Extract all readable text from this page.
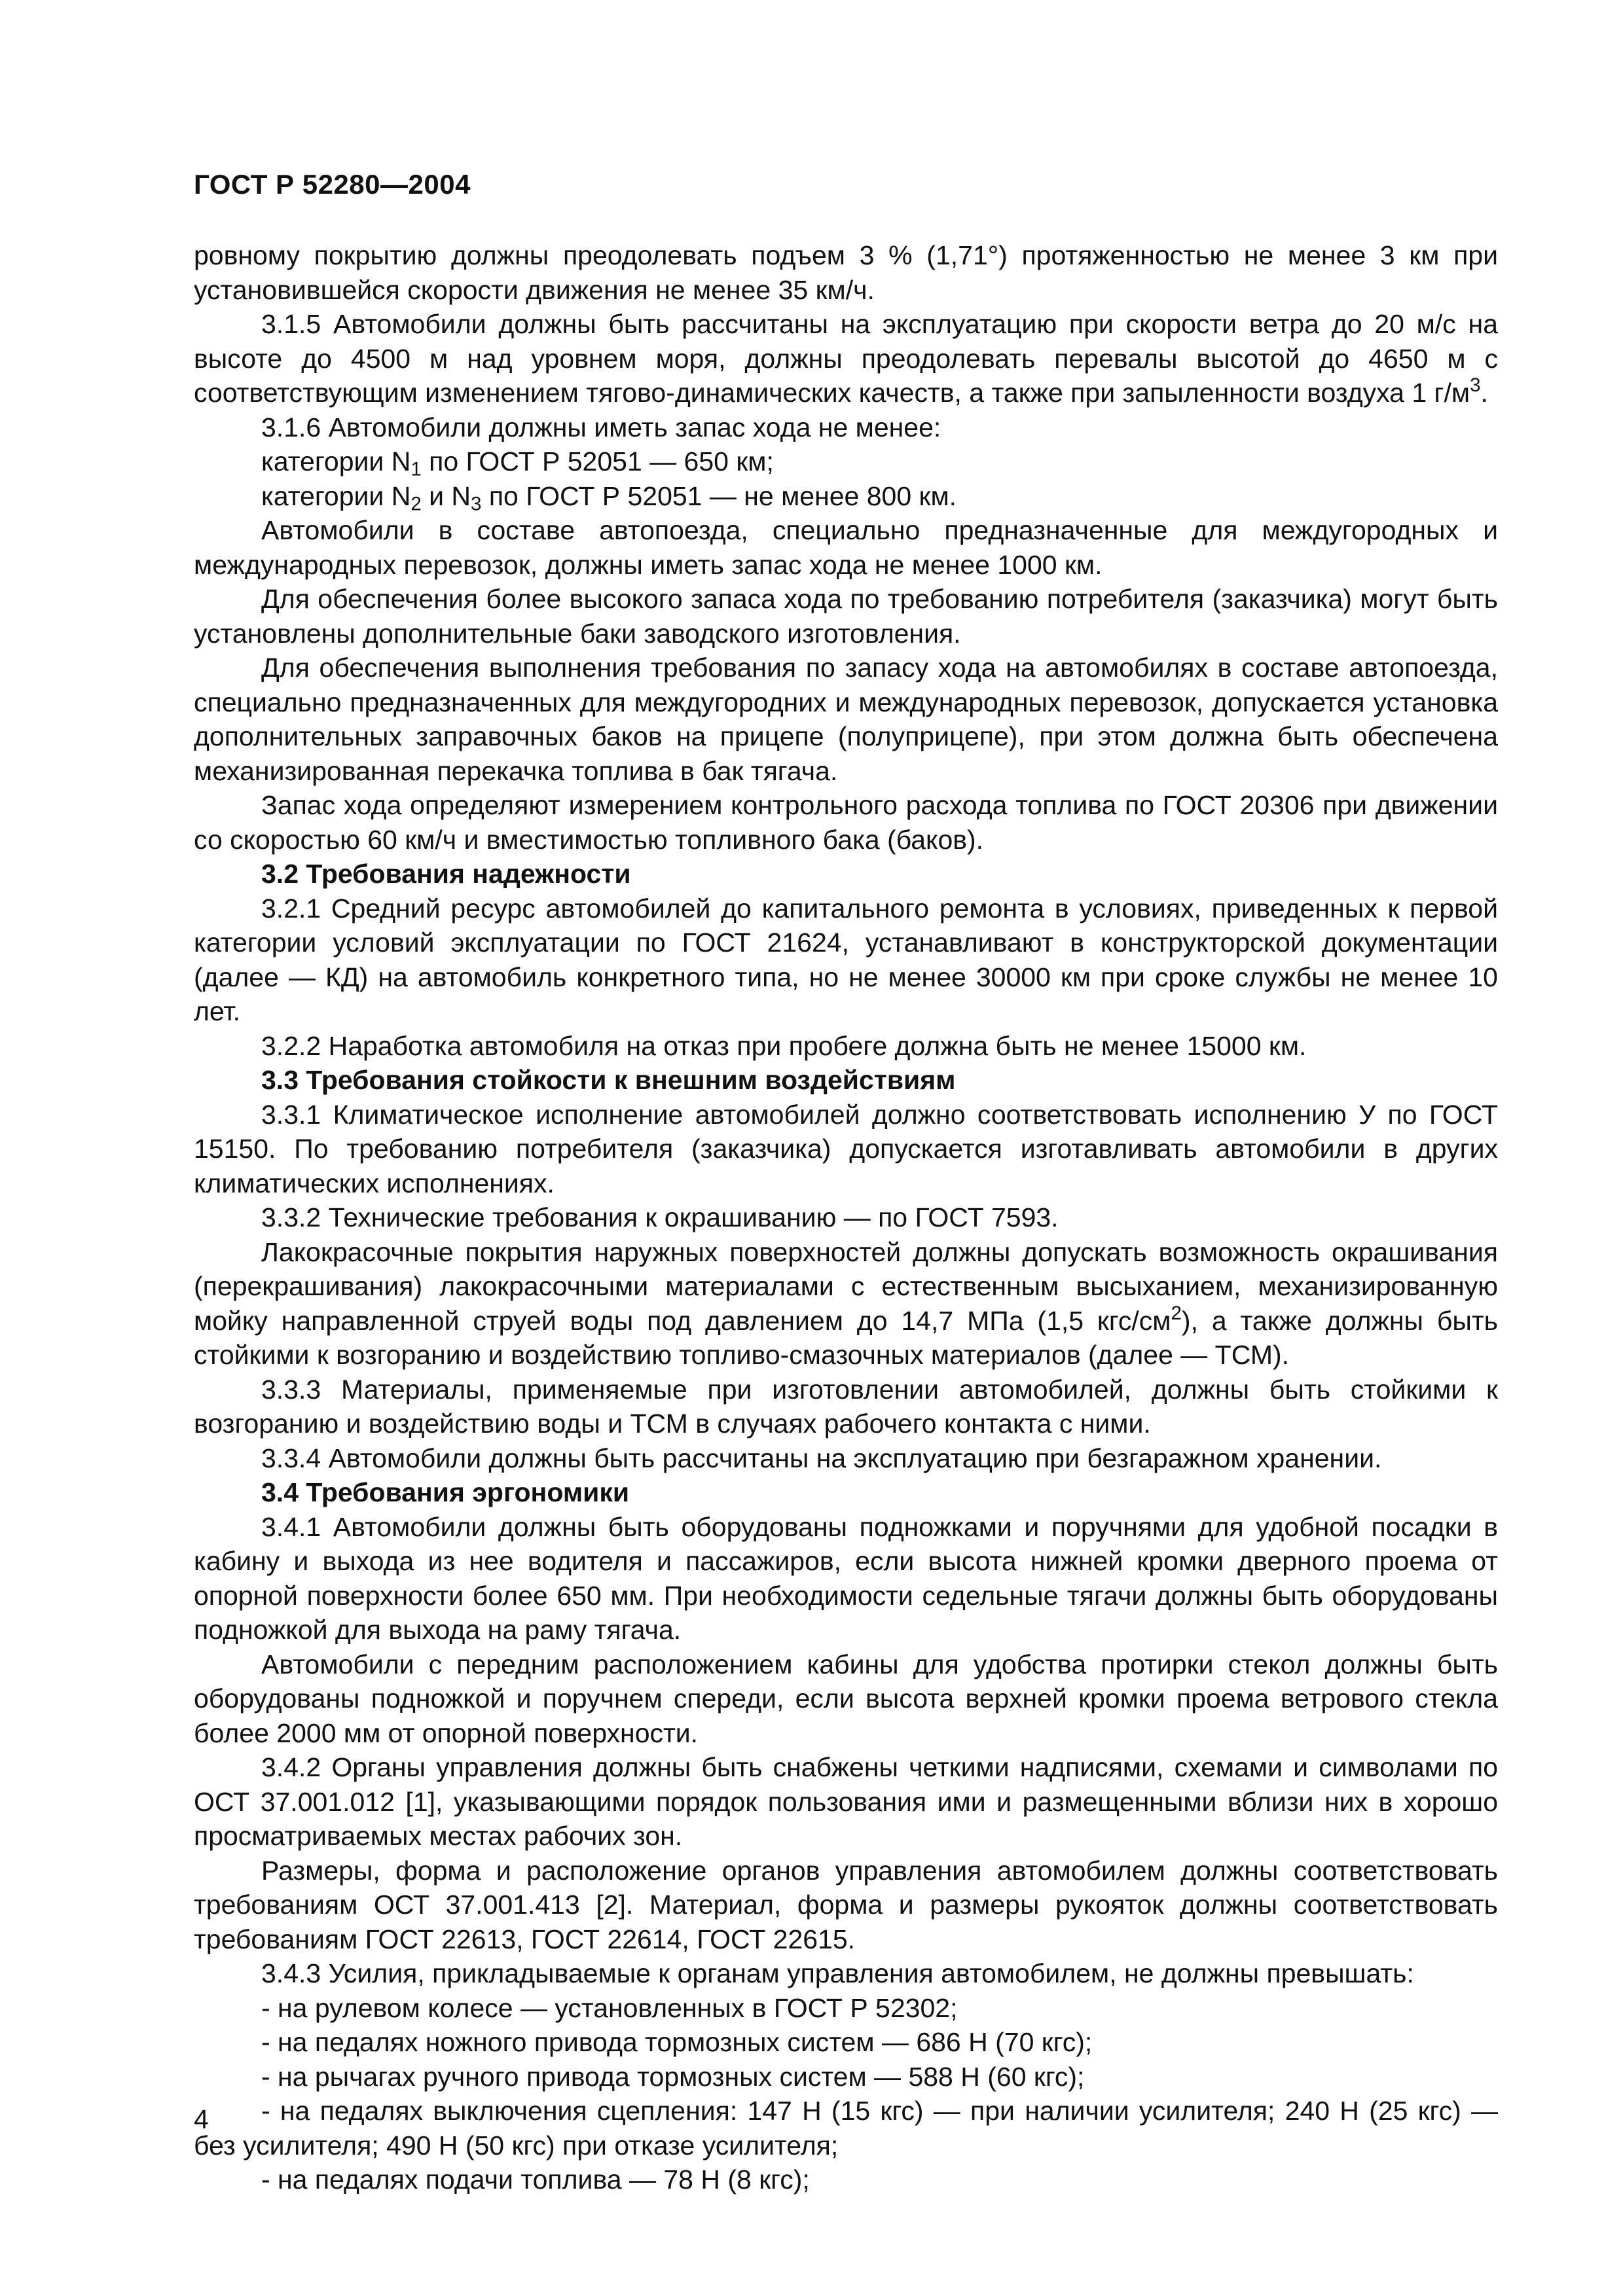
ГОСТ Р 52280—2004

ровному покрытию должны преодолевать подъем 3 % (1,71°) протяженностью не менее 3 км при установившейся скорости движения не менее 35 км/ч.

3.1.5 Автомобили должны быть рассчитаны на эксплуатацию при скорости ветра до 20 м/с на высоте до 4500 м над уровнем моря, должны преодолевать перевалы высотой до 4650 м с соответствующим изменением тягово-динамических качеств, а также при запыленности воздуха 1 $г/м^3$.

3.1.6 Автомобили должны иметь запас хода не менее:

категории $N_1$ по ГОСТ Р 52051 — 650 км;

категории $N_2$ и $N_3$ по ГОСТ Р 52051 — не менее 800 км.

Автомобили в составе автопоезда, специально предназначенные для междугородных и международных перевозок, должны иметь запас хода не менее 1000 км.

Для обеспечения более высокого запаса хода по требованию потребителя (заказчика) могут быть установлены дополнительные баки заводского изготовления.

Для обеспечения выполнения требования по запасу хода на автомобилях в составе автопоезда, специально предназначенных для междугородних и международных перевозок, допускается установка дополнительных заправочных баков на прицепе (полуприцепе), при этом должна быть обеспечена механизированная перекачка топлива в бак тягача.

Запас хода определяют измерением контрольного расхода топлива по ГОСТ 20306 при движении со скоростью 60 км/ч и вместимостью топливного бака (баков).

3.2 Требования надежности

3.2.1 Средний ресурс автомобилей до капитального ремонта в условиях, приведенных к первой категории условий эксплуатации по ГОСТ 21624, устанавливают в конструкторской документации (далее — КД) на автомобиль конкретного типа, но не менее 30000 км при сроке службы не менее 10 лет.

3.2.2 Наработка автомобиля на отказ при пробеге должна быть не менее 15000 км.

3.3 Требования стойкости к внешним воздействиям

3.3.1 Климатическое исполнение автомобилей должно соответствовать исполнению У по ГОСТ 15150. По требованию потребителя (заказчика) допускается изготавливать автомобили в других климатических исполнениях.

3.3.2 Технические требования к окрашиванию — по ГОСТ 7593.

Лакокрасочные покрытия наружных поверхностей должны допускать возможность окрашивания (перекрашивания) лакокрасочными материалами с естественным высыханием, механизированную мойку направленной струей воды под давлением до 14,7 МПа (1,5 кгс/$см^2$), а также должны быть стойкими к возгоранию и воздействию топливо-смазочных материалов (далее — ТСМ).

3.3.3 Материалы, применяемые при изготовлении автомобилей, должны быть стойкими к возгоранию и воздействию воды и ТСМ в случаях рабочего контакта с ними.

3.3.4 Автомобили должны быть рассчитаны на эксплуатацию при безгаражном хранении.

3.4 Требования эргономики

3.4.1 Автомобили должны быть оборудованы подножками и поручнями для удобной посадки в кабину и выхода из нее водителя и пассажиров, если высота нижней кромки дверного проема от опорной поверхности более 650 мм. При необходимости седельные тягачи должны быть оборудованы подножкой для выхода на раму тягача.

Автомобили с передним расположением кабины для удобства протирки стекол должны быть оборудованы подножкой и поручнем спереди, если высота верхней кромки проема ветрового стекла более 2000 мм от опорной поверхности.

3.4.2 Органы управления должны быть снабжены четкими надписями, схемами и символами по ОСТ 37.001.012 [1], указывающими порядок пользования ими и размещенными вблизи них в хорошо просматриваемых местах рабочих зон.

Размеры, форма и расположение органов управления автомобилем должны соответствовать требованиям ОСТ 37.001.413 [2]. Материал, форма и размеры рукояток должны соответствовать требованиям ГОСТ 22613, ГОСТ 22614, ГОСТ 22615.

3.4.3 Усилия, прикладываемые к органам управления автомобилем, не должны превышать:

- на рулевом колесе — установленных в ГОСТ Р 52302;

- на педалях ножного привода тормозных систем — 686 Н (70 кгс);

- на рычагах ручного привода тормозных систем — 588 Н (60 кгс);

- на педалях выключения сцепления: 147 Н (15 кгс) — при наличии усилителя; 240 Н (25 кгс) — без усилителя; 490 Н (50 кгс) при отказе усилителя;

- на педалях подачи топлива — 78 Н (8 кгс);

4
